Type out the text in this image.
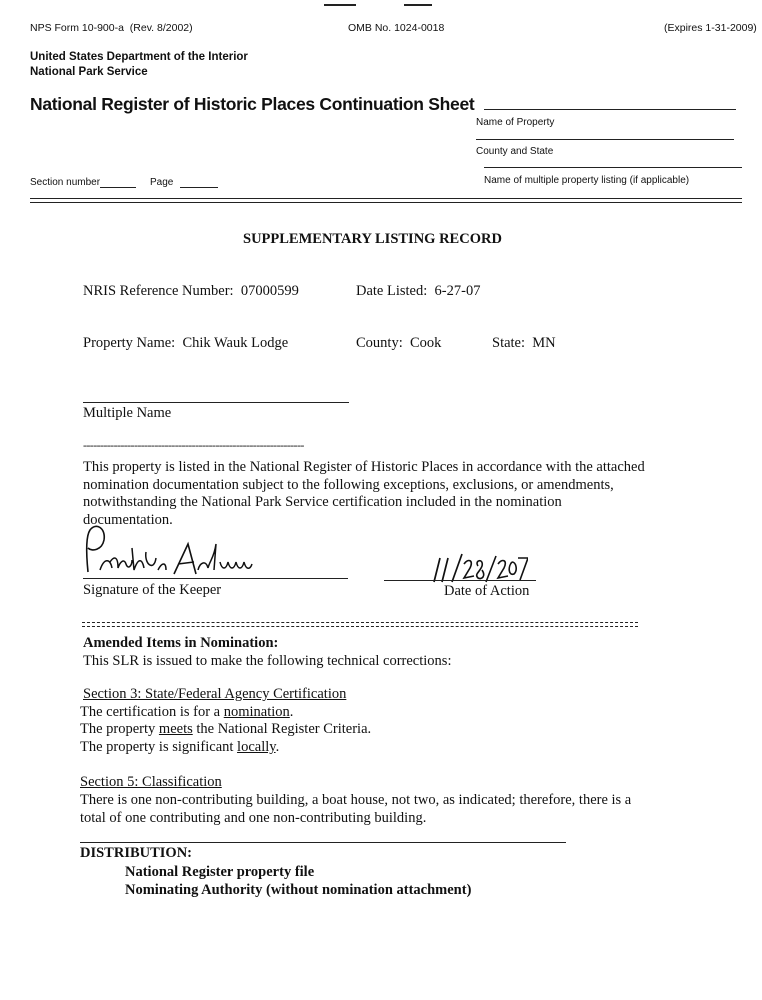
NPS Form 10-900-a (Rev. 8/2002)	OMB No. 1024-0018	(Expires 1-31-2009)
United States Department of the Interior
National Park Service
National Register of Historic Places Continuation Sheet
Name of Property
County and State
Name of multiple property listing (if applicable)
Section number	Page
SUPPLEMENTARY LISTING RECORD
NRIS Reference Number: 07000599	Date Listed: 6-27-07
Property Name: Chik Wauk Lodge	County: Cook	State: MN
Multiple Name
-----------------------------------------------------------------
This property is listed in the National Register of Historic Places in accordance with the attached
nomination documentation subject to the following exceptions, exclusions, or amendments,
notwithstanding the National Park Service certification included in the nomination
documentation.
Signature of the Keeper	Date of Action
Amended Items in Nomination:
This SLR is issued to make the following technical corrections:
Section 3: State/Federal Agency Certification
The certification is for a nomination.
The property meets the National Register Criteria.
The property is significant locally.
Section 5: Classification
There is one non-contributing building, a boat house, not two, as indicated; therefore, there is a
total of one contributing and one non-contributing building.
DISTRIBUTION:
National Register property file
Nominating Authority (without nomination attachment)
